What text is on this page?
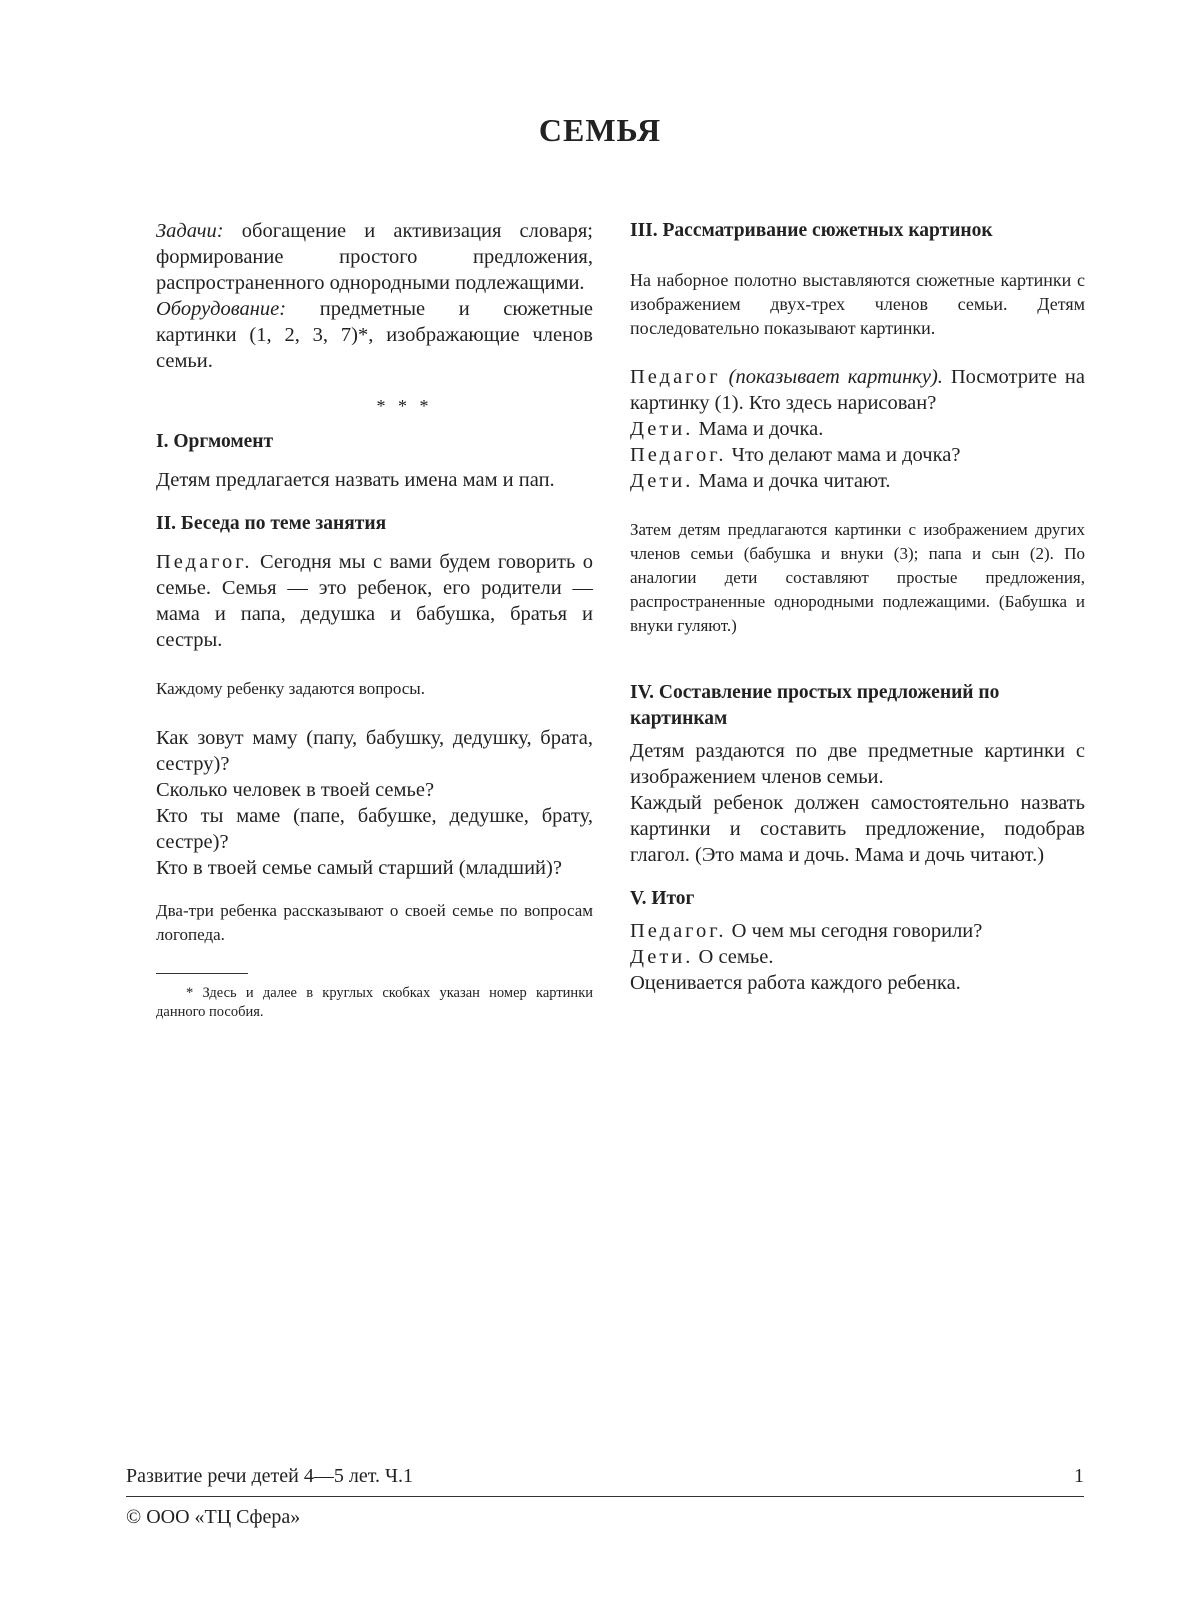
СЕМЬЯ

Задачи: обогащение и активизация словаря; формирование простого предложения, распространенного однородными подлежащими.

Оборудование: предметные и сюжетные картинки (1, 2, 3, 7)*, изображающие членов семьи.

* * *
I. Оргмомент

Детям предлагается назвать имена мам и пап.

II. Беседа по теме занятия

Педагог. Сегодня мы с вами будем говорить о семье. Семья — это ребенок, его родители — мама и папа, дедушка и бабушка, братья и сестры.

Каждому ребенку задаются вопросы.

Как зовут маму (папу, бабушку, дедушку, брата, сестру)?

Сколько человек в твоей семье?

Кто ты маме (папе, бабушке, дедушке, брату, сестре)?

Кто в твоей семье самый старший (младший)?

Два-три ребенка рассказывают о своей семье по вопросам логопеда.

* Здесь и далее в круглых скобках указан номер картинки данного пособия.

III. Рассматривание сюжетных картинок

На наборное полотно выставляются сюжетные картинки с изображением двух-трех членов семьи. Детям последовательно показывают картинки.

Педагог (показывает картинку). Посмотрите на картинку (1). Кто здесь нарисован?

Дети. Мама и дочка.

Педагог. Что делают мама и дочка?

Дети. Мама и дочка читают.

Затем детям предлагаются картинки с изображением других членов семьи (бабушка и внуки (3); папа и сын (2). По аналогии дети составляют простые предложения, распространенные однородными подлежащими. (Бабушка и внуки гуляют.)

IV. Составление простых предложений по картинкам

Детям раздаются по две предметные картинки с изображением членов семьи.

Каждый ребенок должен самостоятельно назвать картинки и составить предложение, подобрав глагол. (Это мама и дочь. Мама и дочь читают.)

V. Итог

Педагог. О чем мы сегодня говорили?

Дети. О семье.

Оценивается работа каждого ребенка.

Развитие речи детей 4—5 лет. Ч.1	1
© ООО «ТЦ Сфера»
